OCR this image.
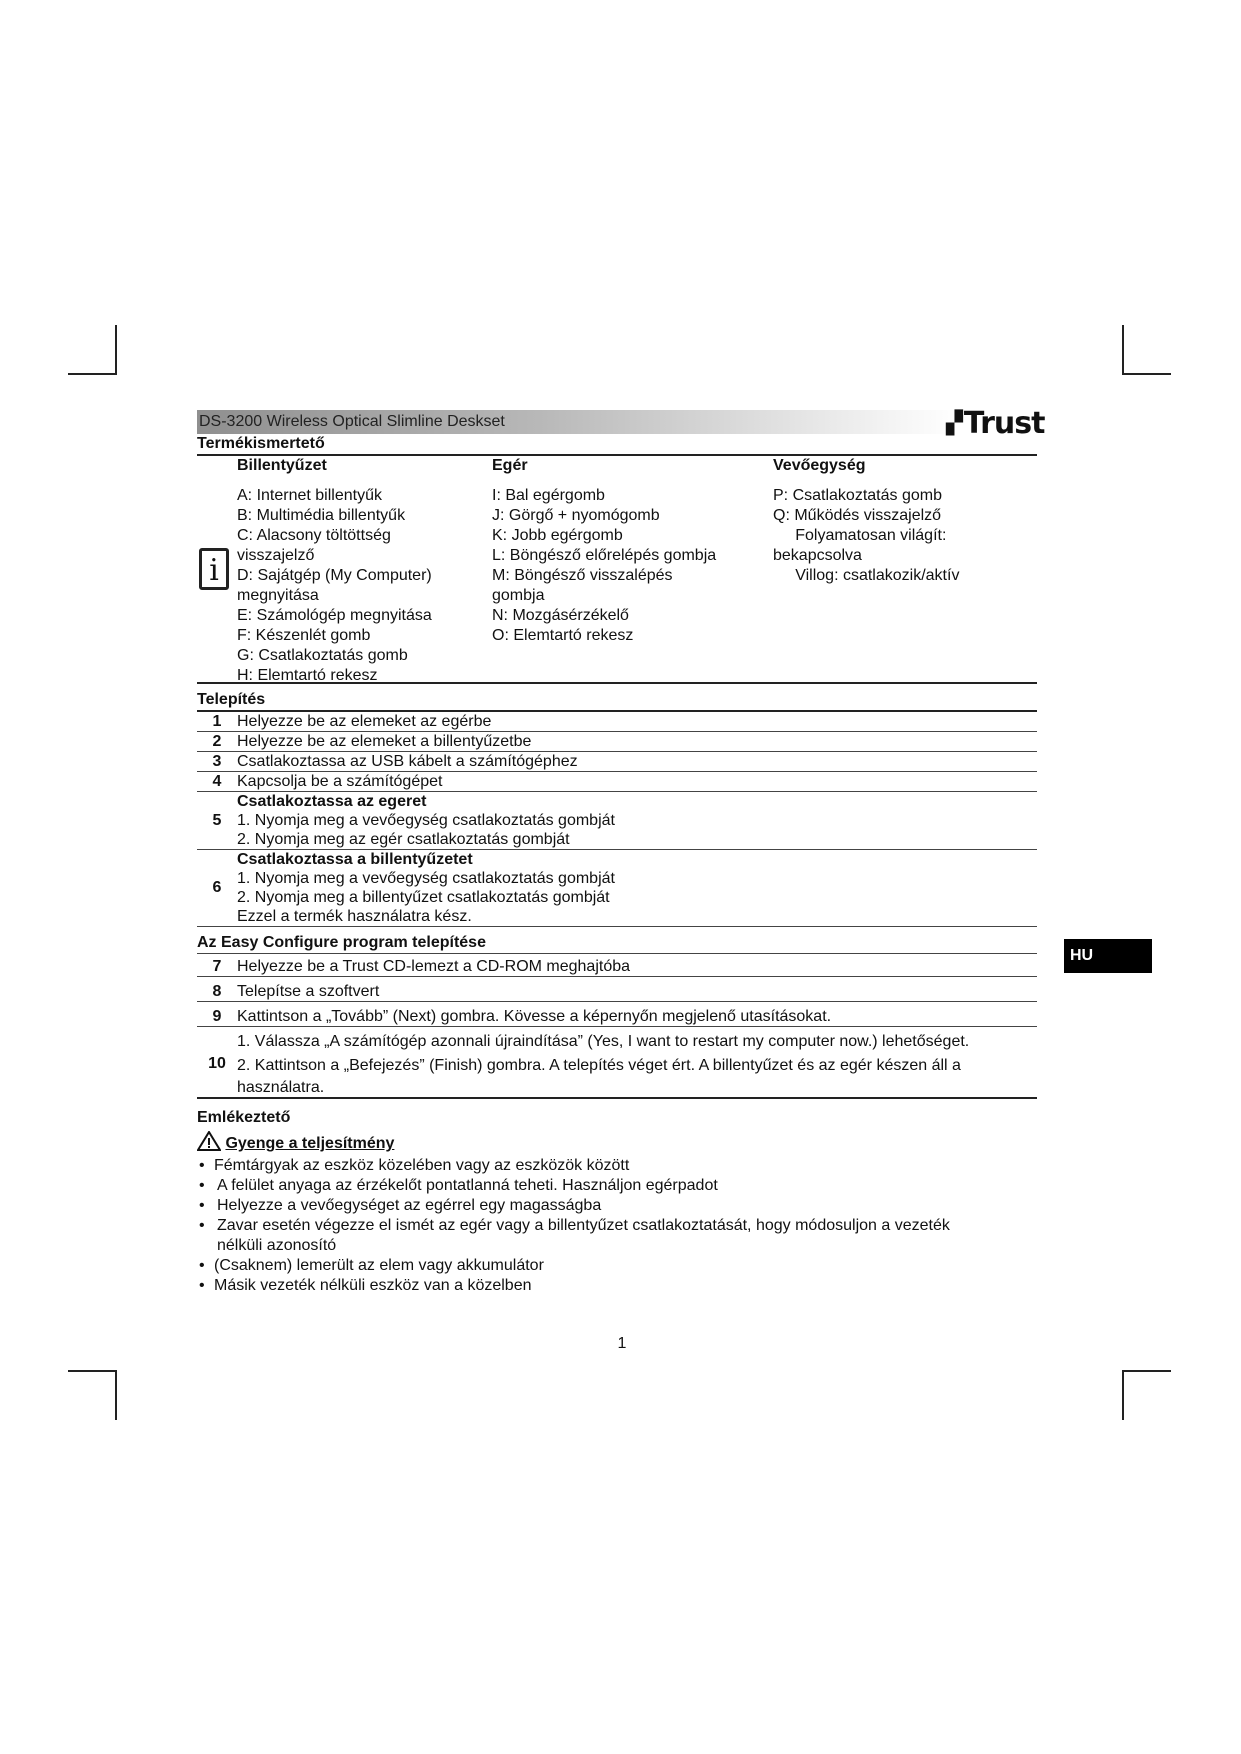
HU
DS-3200 Wireless Optical Slimline Deskset	▞Trust
Termékismertető
i
Billentyűzet
A: Internet billentyűk
B: Multimédia billentyűk
C: Alacsony töltöttség
visszajelző
D: Sajátgép (My Computer)
megnyitása
E: Számológép megnyitása
F: Készenlét gomb
G: Csatlakoztatás gomb
H: Elemtartó rekesz
Egér
I: Bal egérgomb
J: Görgő + nyomógomb
K: Jobb egérgomb
L: Böngésző előrelépés gombja
M: Böngésző visszalépés
gombja
N: Mozgásérzékelő
O: Elemtartó rekesz
Vevőegység
P: Csatlakoztatás gomb
Q: Működés visszajelző
Folyamatosan világít:
bekapcsolva
Villog: csatlakozik/aktív
Telepítés
1 Helyezze be az elemeket az egérbe
2 Helyezze be az elemeket a billentyűzetbe
3 Csatlakoztassa az USB kábelt a számítógéphez
4 Kapcsolja be a számítógépet
5
Csatlakoztassa az egeret
1. Nyomja meg a vevőegység csatlakoztatás gombját
2. Nyomja meg az egér csatlakoztatás gombját
6
Csatlakoztassa a billentyűzetet
1. Nyomja meg a vevőegység csatlakoztatás gombját
2. Nyomja meg a billentyűzet csatlakoztatás gombját
Ezzel a termék használatra kész.
Az Easy Configure program telepítése
7 Helyezze be a Trust CD-lemezt a CD-ROM meghajtóba
8 Telepítse a szoftvert
9 Kattintson a „Tovább” (Next) gombra. Kövesse a képernyőn megjelenő utasításokat.
10
1. Válassza „A számítógép azonnali újraindítása” (Yes, I want to restart my computer now.) lehetőséget.
2. Kattintson a „Befejezés” (Finish) gombra. A telepítés véget ért. A billentyűzet és az egér készen áll a
használatra.
Emlékeztető
Gyenge a teljesítmény
• Fémtárgyak az eszköz közelében vagy az eszközök között
• A felület anyaga az érzékelőt pontatlanná teheti. Használjon egérpadot
• Helyezze a vevőegységet az egérrel egy magasságba
• Zavar esetén végezze el ismét az egér vagy a billentyűzet csatlakoztatását, hogy módosuljon a vezeték
nélküli azonosító
• (Csaknem) lemerült az elem vagy akkumulátor
• Másik vezeték nélküli eszköz van a közelben
1
